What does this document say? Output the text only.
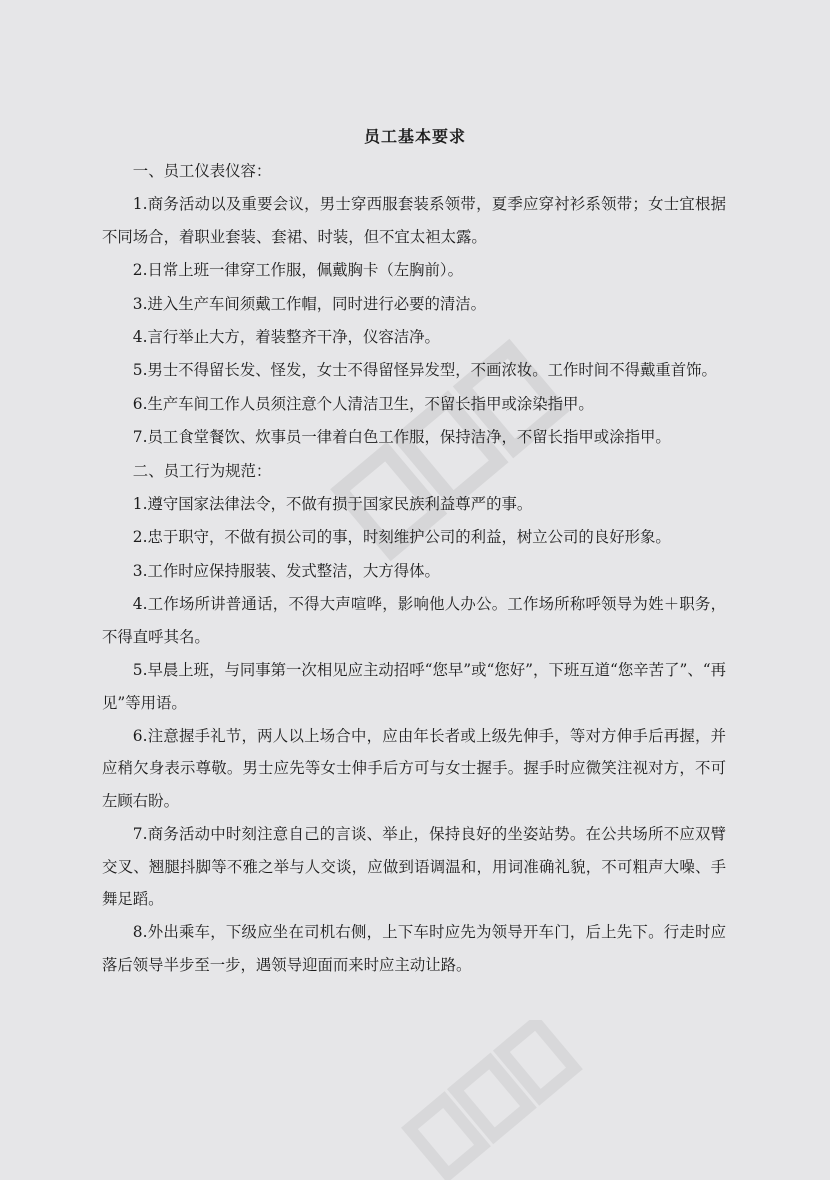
员工基本要求

一、员工仪表仪容：

1.商务活动以及重要会议，男士穿西服套装系领带，夏季应穿衬衫系领带；女士宜根据不同场合，着职业套装、套裙、时装，但不宜太袒太露。

2.日常上班一律穿工作服，佩戴胸卡（左胸前）。

3.进入生产车间须戴工作帽，同时进行必要的清洁。

4.言行举止大方，着装整齐干净，仪容洁净。

5.男士不得留长发、怪发，女士不得留怪异发型，不画浓妆。工作时间不得戴重首饰。

6.生产车间工作人员须注意个人清洁卫生，不留长指甲或涂染指甲。

7.员工食堂餐饮、炊事员一律着白色工作服，保持洁净，不留长指甲或涂指甲。

二、员工行为规范：

1.遵守国家法律法令，不做有损于国家民族利益尊严的事。

2.忠于职守，不做有损公司的事，时刻维护公司的利益，树立公司的良好形象。

3.工作时应保持服装、发式整洁，大方得体。

4.工作场所讲普通话，不得大声喧哗，影响他人办公。工作场所称呼领导为姓＋职务，不得直呼其名。

5.早晨上班，与同事第一次相见应主动招呼“您早”或“您好”，下班互道“您辛苦了”、“再见”等用语。

6.注意握手礼节，两人以上场合中，应由年长者或上级先伸手，等对方伸手后再握，并应稍欠身表示尊敬。男士应先等女士伸手后方可与女士握手。握手时应微笑注视对方，不可左顾右盼。

7.商务活动中时刻注意自己的言谈、举止，保持良好的坐姿站势。在公共场所不应双臂交叉、翘腿抖脚等不雅之举与人交谈，应做到语调温和，用词准确礼貌，不可粗声大噪、手舞足蹈。

8.外出乘车，下级应坐在司机右侧，上下车时应先为领导开车门，后上先下。行走时应落后领导半步至一步，遇领导迎面而来时应主动让路。
